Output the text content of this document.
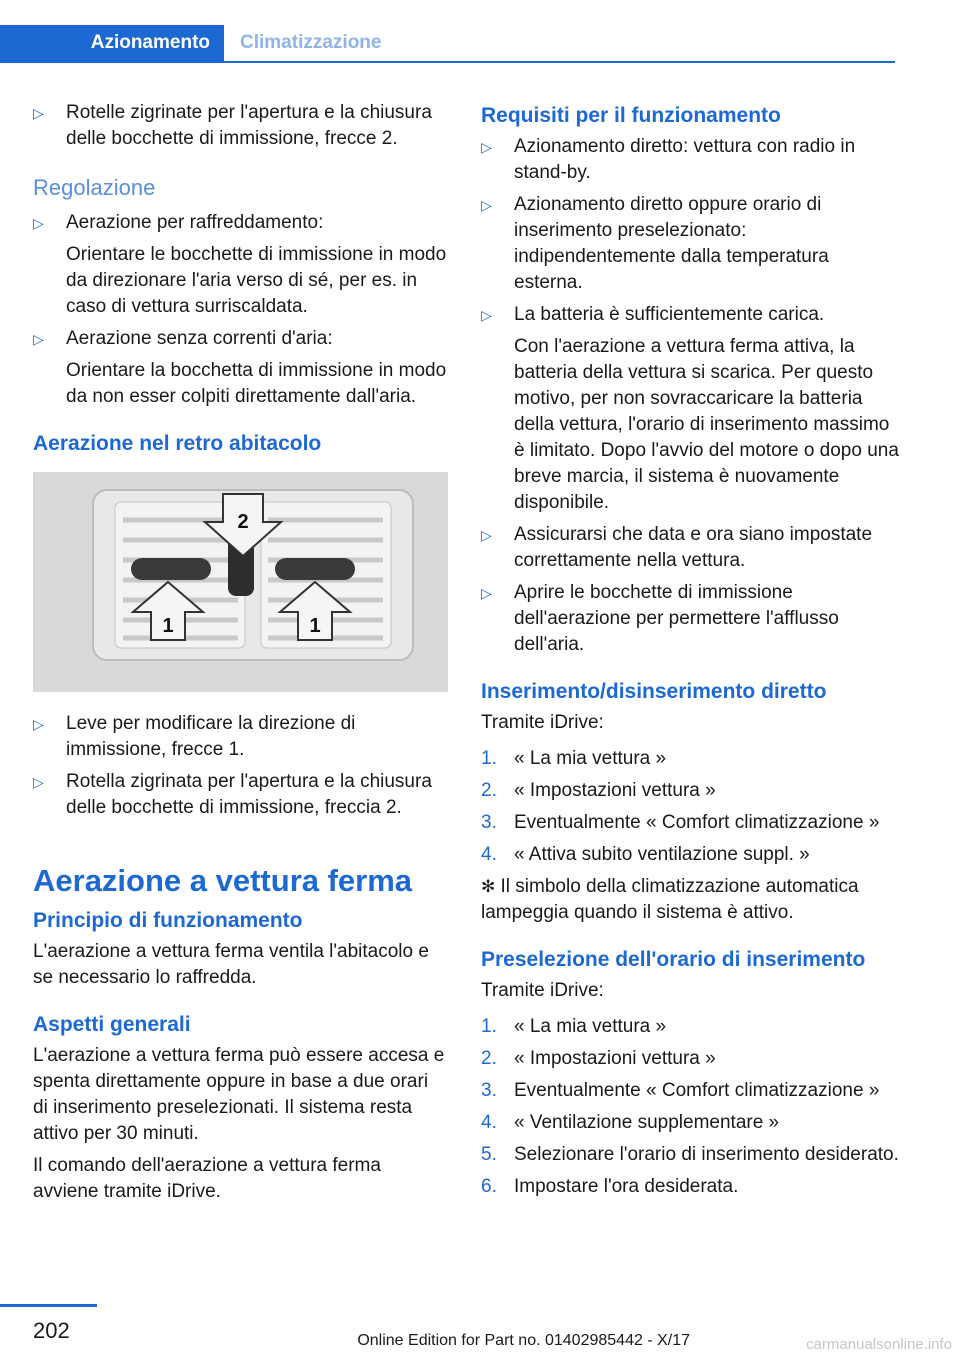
Azionamento	Climatizzazione
▷ Rotelle zigrinate per l'apertura e la chiusura delle bocchette di immissione, frecce 2.
Regolazione
▷ Aerazione per raffreddamento:
Orientare le bocchette di immissione in modo da direzionare l'aria verso di sé, per es. in caso di vettura surriscaldata.
▷ Aerazione senza correnti d'aria:
Orientare la bocchetta di immissione in modo da non esser colpiti direttamente dall'aria.
Aerazione nel retro abitacolo
2
1	1
▷ Leve per modificare la direzione di immissione, frecce 1.
▷ Rotella zigrinata per l'apertura e la chiusura delle bocchette di immissione, freccia 2.
Aerazione a vettura ferma
Principio di funzionamento
L'aerazione a vettura ferma ventila l'abitacolo e se necessario lo raffredda.
Aspetti generali
L'aerazione a vettura ferma può essere accesa e spenta direttamente oppure in base a due orari di inserimento preselezionati. Il sistema resta attivo per 30 minuti.
Il comando dell'aerazione a vettura ferma avviene tramite iDrive.
Requisiti per il funzionamento
▷ Azionamento diretto: vettura con radio in stand-by.
▷ Azionamento diretto oppure orario di inserimento preselezionato: indipendentemente dalla temperatura esterna.
▷ La batteria è sufficientemente carica.
Con l'aerazione a vettura ferma attiva, la batteria della vettura si scarica. Per questo motivo, per non sovraccaricare la batteria della vettura, l'orario di inserimento massimo è limitato. Dopo l'avvio del motore o dopo una breve marcia, il sistema è nuovamente disponibile.
▷ Assicurarsi che data e ora siano impostate correttamente nella vettura.
▷ Aprire le bocchette di immissione dell'aerazione per permettere l'afflusso dell'aria.
Inserimento/disinserimento diretto
Tramite iDrive:
1. « La mia vettura »
2. « Impostazioni vettura »
3. Eventualmente « Comfort climatizzazione »
4. « Attiva subito ventilazione suppl. »
✻ Il simbolo della climatizzazione automatica lampeggia quando il sistema è attivo.
Preselezione dell'orario di inserimento
Tramite iDrive:
1. « La mia vettura »
2. « Impostazioni vettura »
3. Eventualmente « Comfort climatizzazione »
4. « Ventilazione supplementare »
5. Selezionare l'orario di inserimento desiderato.
6. Impostare l'ora desiderata.
202	Online Edition for Part no. 01402985442 - X/17	carmanualsonline.info
